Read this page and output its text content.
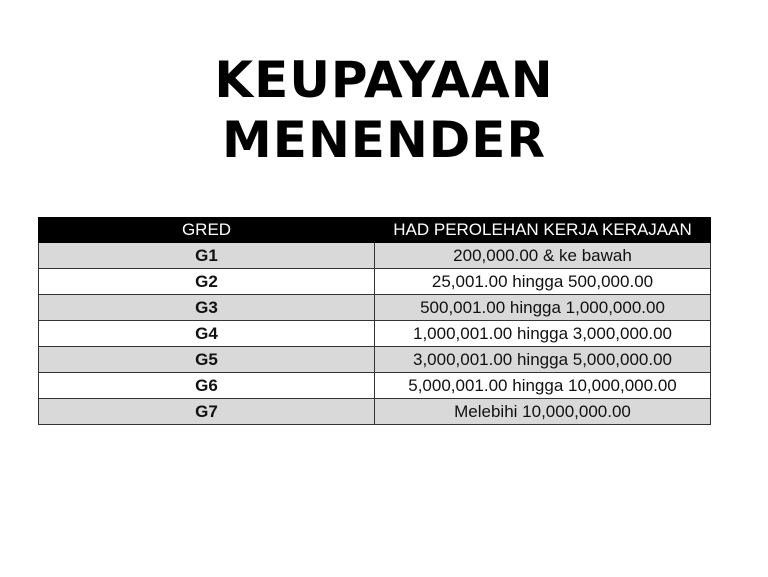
KEUPAYAAN
MENENDER
GRED	HAD PEROLEHAN KERJA KERAJAAN
G1	200,000.00 & ke bawah
G2	25,001.00 hingga 500,000.00
G3	500,001.00 hingga 1,000,000.00
G4	1,000,001.00 hingga 3,000,000.00
G5	3,000,001.00 hingga 5,000,000.00
G6	5,000,001.00 hingga 10,000,000.00
G7	Melebihi 10,000,000.00
